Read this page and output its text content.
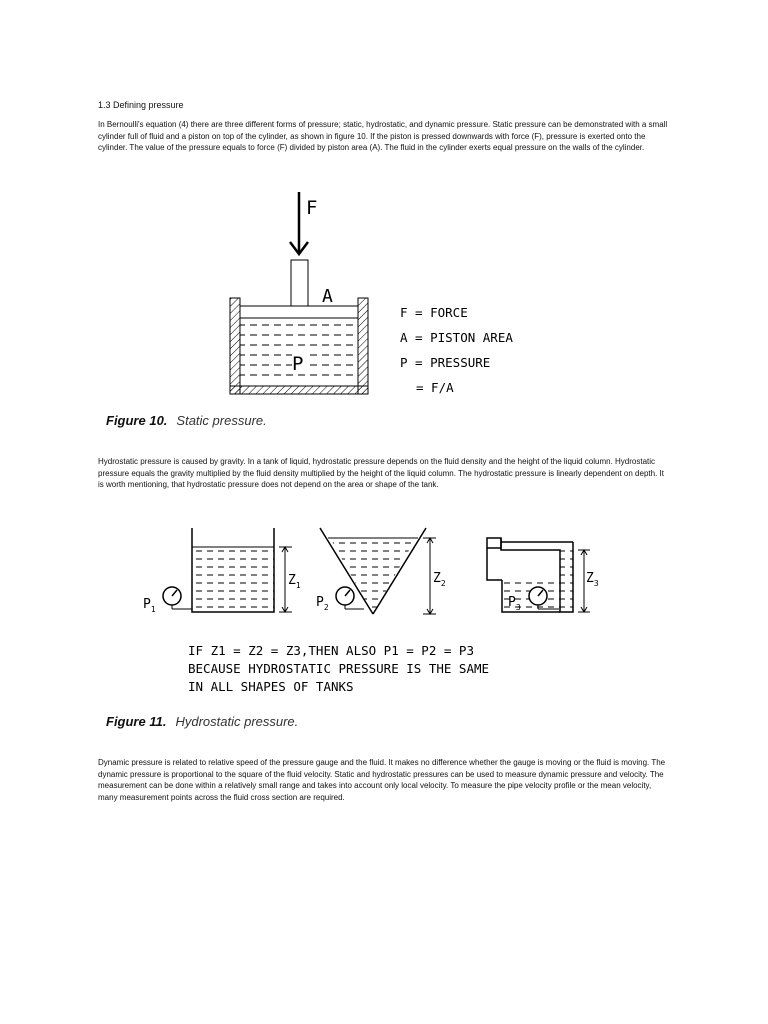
1.3 Defining pressure

In Bernoulli's equation (4) there are three different forms of pressure; static, hydrostatic, and dynamic pressure. Static pressure can be demonstrated with a small cylinder full of fluid and a piston on top of the cylinder, as shown in figure 10. If the piston is pressed downwards with force (F), pressure is exerted onto the cylinder. The value of the pressure equals to force (F) divided by piston area (A). The fluid in the cylinder exerts equal pressure on the walls of the cylinder.

F
A
P
F = FORCE
A = PISTON AREA
P = PRESSURE
= F/A
Figure 10. Static pressure.

Hydrostatic pressure is caused by gravity. In a tank of liquid, hydrostatic pressure depends on the fluid density and the height of the liquid column. Hydrostatic pressure equals the gravity multiplied by the fluid density multiplied by the height of the liquid column. The hydrostatic pressure is linearly dependent on depth. It is worth mentioning, that hydrostatic pressure does not depend on the area or shape of the tank.

$Z_1$
$P_1$
$Z_2$
$P_2$
$Z_3$
$P_3$
IF Z1 = Z2 = Z3,THEN ALSO P1 = P2 = P3
BECAUSE HYDROSTATIC PRESSURE IS THE SAME
IN ALL SHAPES OF TANKS
Figure 11. Hydrostatic pressure.

Dynamic pressure is related to relative speed of the pressure gauge and the fluid. It makes no difference whether the gauge is moving or the fluid is moving. The dynamic pressure is proportional to the square of the fluid velocity. Static and hydrostatic pressures can be used to measure dynamic pressure and velocity. The measurement can be done within a relatively small range and takes into account only local velocity. To measure the pipe velocity profile or the mean velocity, many measurement points across the fluid cross section are required.
